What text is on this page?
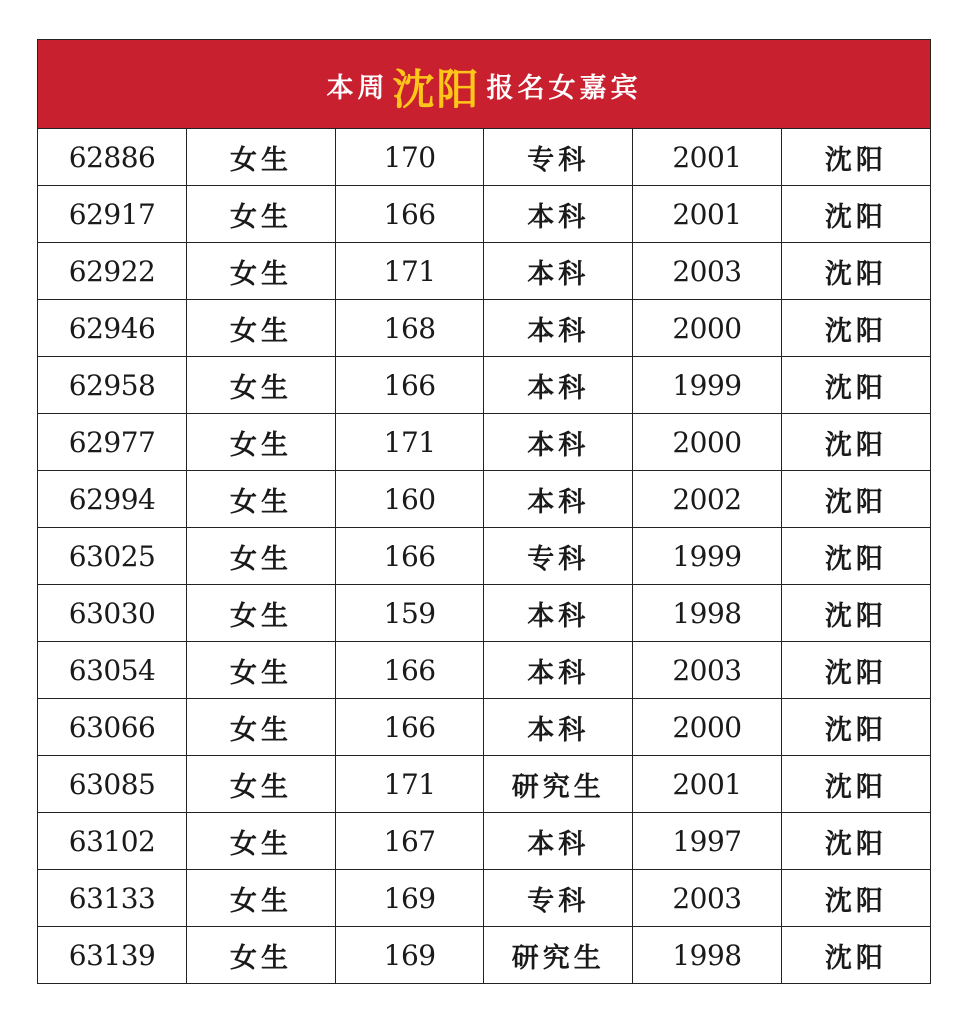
本周 沈阳 报名女嘉宾
62886	女生	170	专科	2001	沈阳
62917	女生	166	本科	2001	沈阳
62922	女生	171	本科	2003	沈阳
62946	女生	168	本科	2000	沈阳
62958	女生	166	本科	1999	沈阳
62977	女生	171	本科	2000	沈阳
62994	女生	160	本科	2002	沈阳
63025	女生	166	专科	1999	沈阳
63030	女生	159	本科	1998	沈阳
63054	女生	166	本科	2003	沈阳
63066	女生	166	本科	2000	沈阳
63085	女生	171	研究生	2001	沈阳
63102	女生	167	本科	1997	沈阳
63133	女生	169	专科	2003	沈阳
63139	女生	169	研究生	1998	沈阳
